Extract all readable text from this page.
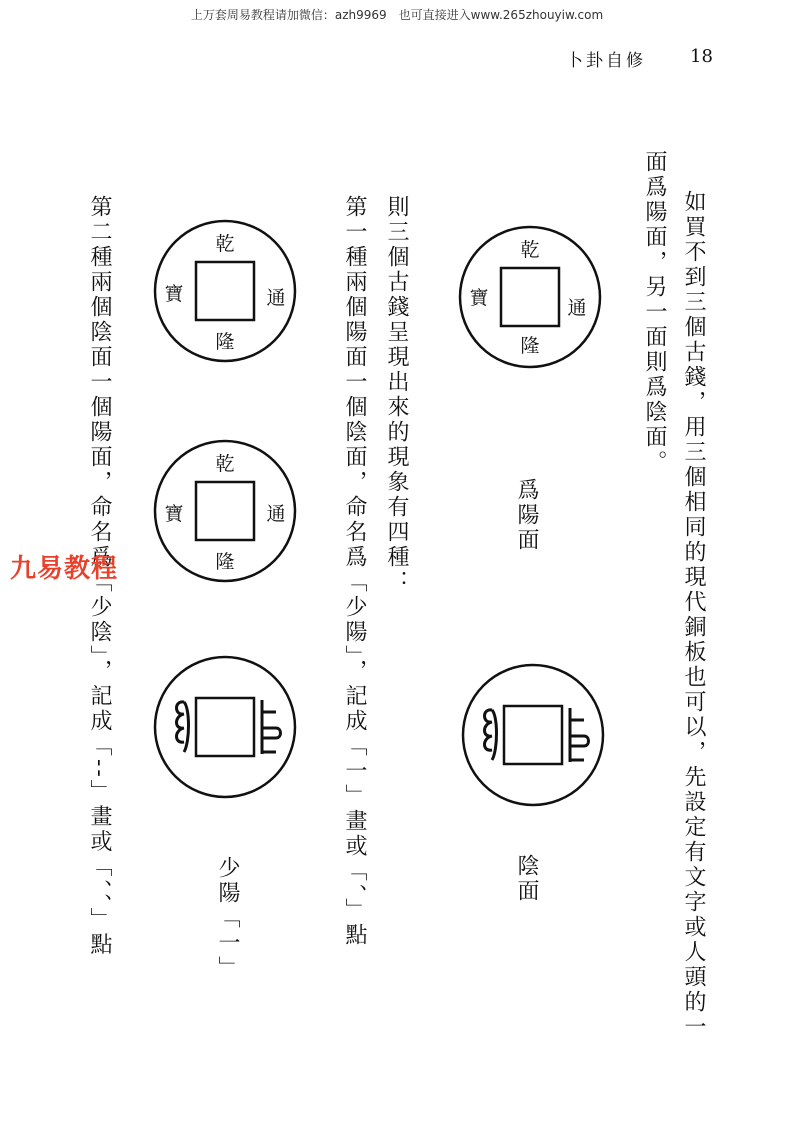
上万套周易教程请加微信：azh9969　也可直接进入www.265zhouyiw.com
卜卦自修 18
如買不到三個古錢，用三個相同的現代銅板也可以，先設定有文字或人頭的一
面爲陽面，另一面則爲陰面。
乾
隆
寶	通
爲陽面
陰面
則三個古錢呈現出來的現象有四種：
第一種兩個陽面一個陰面，命名爲「少陽」，記成「一」畫或「、」點
少陽「一」
第二種兩個陰面一個陽面，命名爲「少陰」，記成「--」畫或「、、」點	乾
隆
寶	通
乾
隆
寶	通
九易教程
